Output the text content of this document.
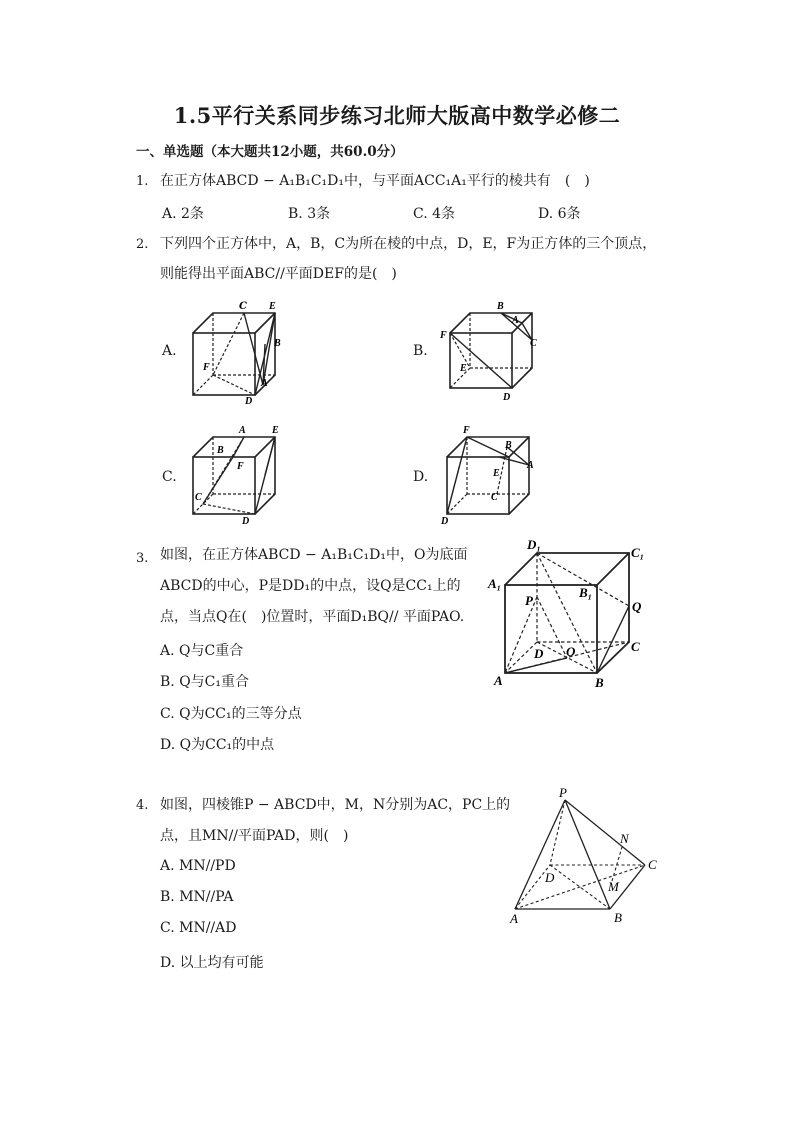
1.5平行关系同步练习北师大版高中数学必修二
一、单选题（本大题共12小题，共60.0分）
1. 在正方体ABCD − A₁B₁C₁D₁中，与平面ACC₁A₁平行的棱共有　(　)
A. 2条	B. 3条	C. 4条	D. 6条
2. 下列四个正方体中，A，B，C为所在棱的中点，D，E，F为正方体的三个顶点，
则能得出平面ABC//平面DEF的是(　)
A.	B.
C.	D.
C E
B
F
A
D
B
A
F
C
E
D
A	E
B
F
C
D
F
B
A
E
C
D
3. 如图，在正方体ABCD − A₁B₁C₁D₁中，O为底面
ABCD的中心，P是DD₁的中点，设Q是CC₁上的
点，当点Q在(　)位置时，平面D₁BQ// 平面PAO.
A. Q与C重合
B. Q与C₁重合
C. Q为CC₁的三等分点
D. Q为CC₁的中点
D₁
C₁
A₁
B₁
P	Q
C
D O
A	B
4. 如图，四棱锥P − ABCD中，M，N分别为AC，PC上的
点，且MN//平面PAD，则(　)
A. MN//PD
B. MN//PA
C. MN//AD
D. 以上均有可能
P
N
C
D
M
A	B
